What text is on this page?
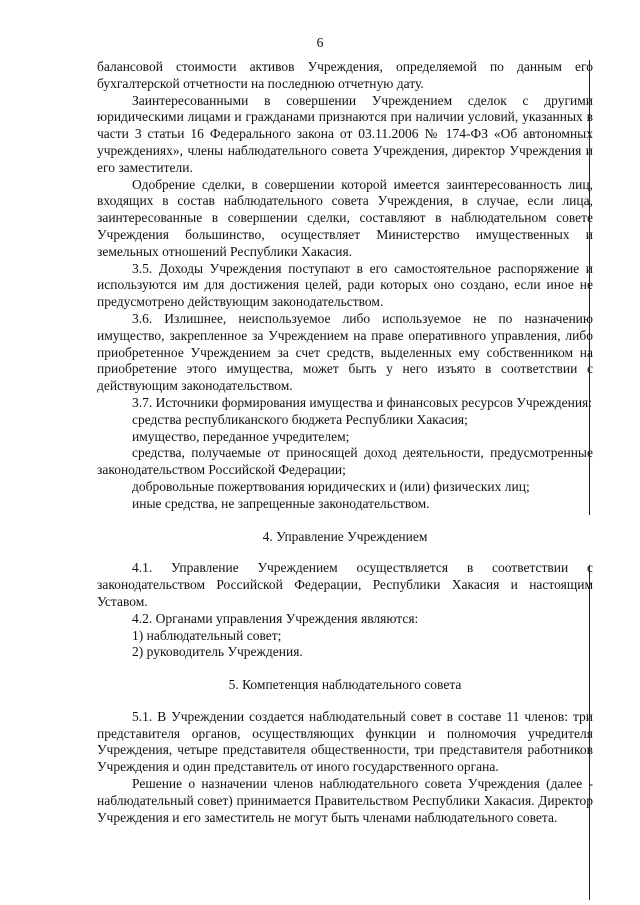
6

балансовой стоимости активов Учреждения, определяемой по данным его бухгалтерской отчетности на последнюю отчетную дату.

Заинтересованными в совершении Учреждением сделок с другими юридическими лицами и гражданами признаются при наличии условий, указанных в части 3 статьи 16 Федерального закона от 03.11.2006 № 174-ФЗ «Об автономных учреждениях», члены наблюдательного совета Учреждения, директор Учреждения и его заместители.

Одобрение сделки, в совершении которой имеется заинтересованность лиц, входящих в состав наблюдательного совета Учреждения, в случае, если лица, заинтересованные в совершении сделки, составляют в наблюдательном совете Учреждения большинство, осуществляет Министерство имущественных и земельных отношений Республики Хакасия.

3.5. Доходы Учреждения поступают в его самостоятельное распоряжение и используются им для достижения целей, ради которых оно создано, если иное не предусмотрено действующим законодательством.

3.6. Излишнее, неиспользуемое либо используемое не по назначению имущество, закрепленное за Учреждением на праве оперативного управления, либо приобретенное Учреждением за счет средств, выделенных ему собственником на приобретение этого имущества, может быть у него изъято в соответствии с действующим законодательством.

3.7. Источники формирования имущества и финансовых ресурсов Учреждения:

средства республиканского бюджета Республики Хакасия;

имущество, переданное учредителем;

средства, получаемые от приносящей доход деятельности, предусмотренные законодательством Российской Федерации;

добровольные пожертвования юридических и (или) физических лиц;

иные средства, не запрещенные законодательством.

4. Управление Учреждением

4.1. Управление Учреждением осуществляется в соответствии с законодательством Российской Федерации, Республики Хакасия и настоящим Уставом.

4.2. Органами управления Учреждения являются:

1) наблюдательный совет;

2) руководитель Учреждения.

5. Компетенция наблюдательного совета

5.1. В Учреждении создается наблюдательный совет в составе 11 членов: три представителя органов, осуществляющих функции и полномочия учредителя Учреждения, четыре представителя общественности, три представителя работников Учреждения и один представитель от иного государственного органа.

Решение о назначении членов наблюдательного совета Учреждения (далее - наблюдательный совет) принимается Правительством Республики Хакасия. Директор Учреждения и его заместитель не могут быть членами наблюдательного совета.
